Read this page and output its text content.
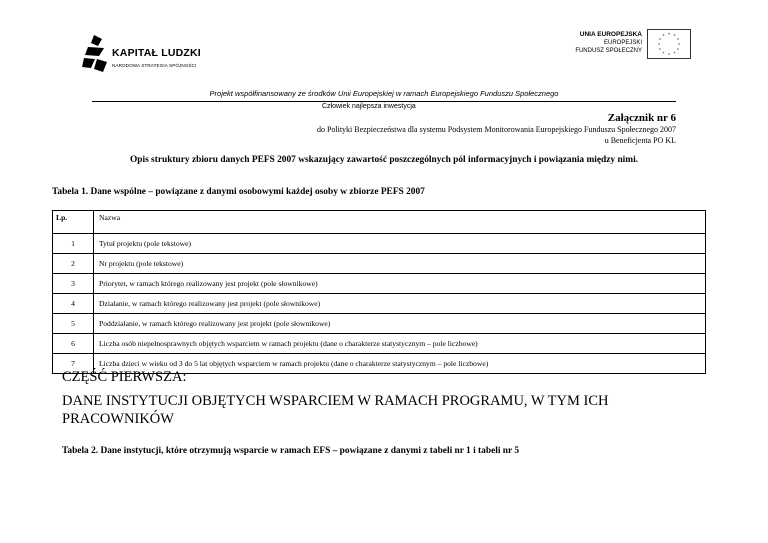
KAPITAŁ LUDZKI
NARODOWA STRATEGIA SPÓJNOŚCI
UNIA EUROPEJSKA
EUROPEJSKI
FUNDUSZ SPOŁECZNY
* *
*
*
*
*
*
*
*
*
*
*
Projekt współfinansowany ze środków Unii Europejskiej w ramach Europejskiego Funduszu Społecznego
Człowiek najlepsza inwestycja
Załącznik nr 6
do Polityki Bezpieczeństwa dla systemu Podsystem Monitorowania Europejskiego Funduszu Społecznego 2007
u Beneficjenta PO KL
Opis struktury zbioru danych PEFS 2007 wskazujący zawartość poszczególnych pól informacyjnych i powiązania między nimi.
Tabela 1. Dane wspólne – powiązane z danymi osobowymi każdej osoby w zbiorze PEFS 2007
Lp.	Nazwa
1	Tytuł projektu (pole tekstowe)
2	Nr projektu (pole tekstowe)
3	Priorytet, w ramach którego realizowany jest projekt (pole słownikowe)
4	Działanie, w ramach którego realizowany jest projekt (pole słownikowe)
5	Poddziałanie, w ramach którego realizowany jest projekt (pole słownikowe)
6	Liczba osób niepełnosprawnych objętych wsparciem w ramach projektu (dane o charakterze statystycznym – pole liczbowe)
7	Liczba dzieci w wieku od 3 do 5 lat objętych wsparciem w ramach projektu (dane o charakterze statystycznym – pole liczbowe)
CZĘŚĆ PIERWSZA:
DANE INSTYTUCJI OBJĘTYCH WSPARCIEM W RAMACH PROGRAMU, W TYM ICH PRACOWNIKÓW
Tabela 2. Dane instytucji, które otrzymują wsparcie w ramach EFS – powiązane z danymi z tabeli nr 1 i tabeli nr 5
